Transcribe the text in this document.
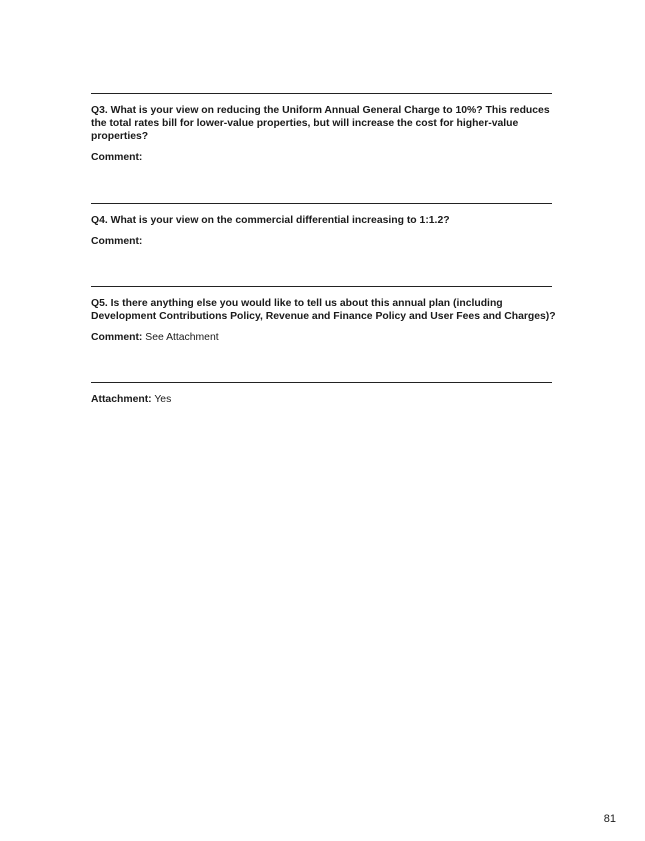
Q3. What is your view on reducing the Uniform Annual General Charge to 10%? This reduces the total rates bill for lower-value properties, but will increase the cost for higher-value properties?

Comment:

Q4. What is your view on the commercial differential increasing to 1:1.2?

Comment:

Q5. Is there anything else you would like to tell us about this annual plan (including Development Contributions Policy, Revenue and Finance Policy and User Fees and Charges)?

Comment: See Attachment

Attachment: Yes

81
